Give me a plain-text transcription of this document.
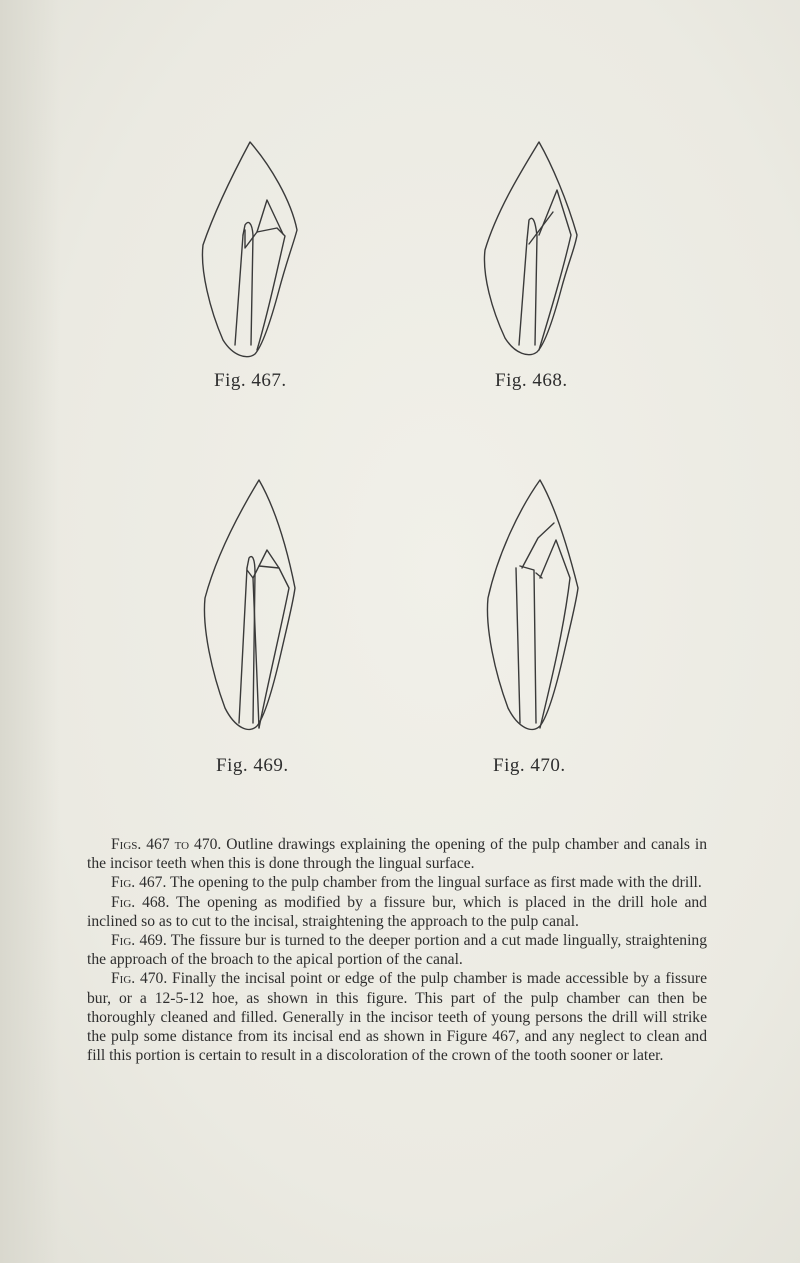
Fig. 467.	Fig. 468.
Fig. 469.	Fig. 470.

Figs. 467 to 470. Outline drawings explaining the opening of the pulp chamber and canals in the incisor teeth when this is done through the lingual surface.

Fig. 467. The opening to the pulp chamber from the lingual surface as first made with the drill.

Fig. 468. The opening as modified by a fissure bur, which is placed in the drill hole and inclined so as to cut to the incisal, straightening the approach to the pulp canal.

Fig. 469. The fissure bur is turned to the deeper portion and a cut made lingually, straightening the approach of the broach to the apical portion of the canal.

Fig. 470. Finally the incisal point or edge of the pulp chamber is made accessible by a fissure bur, or a 12-5-12 hoe, as shown in this figure. This part of the pulp chamber can then be thoroughly cleaned and filled. Generally in the incisor teeth of young persons the drill will strike the pulp some distance from its incisal end as shown in Figure 467, and any neglect to clean and fill this portion is certain to result in a discoloration of the crown of the tooth sooner or later.
